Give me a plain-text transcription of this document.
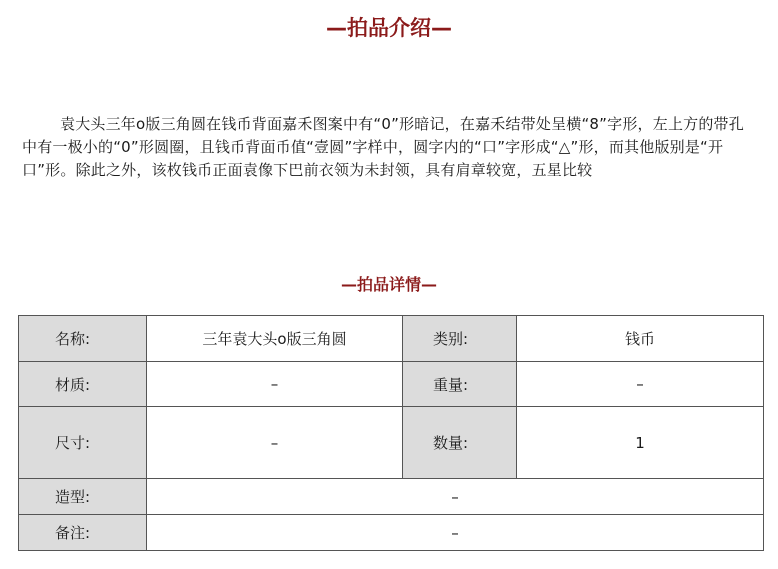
—拍品介绍—

袁大头三年o版三角圆在钱币背面嘉禾图案中有“0”形暗记，在嘉禾结带处呈横“8”字形，左上方的带孔中有一极小的“0”形圆圈，且钱币背面币值“壹圆”字样中，圆字内的“口”字形成“△”形，而其他版别是“开口”形。除此之外，该枚钱币正面袁像下巴前衣领为未封领，具有肩章较宽，五星比较

—拍品详情—
名称:	三年袁大头o版三角圆	类别:	钱币
材质:	–	重量:	–
尺寸:	–	数量:	1
造型:	–		
备注:	–		
